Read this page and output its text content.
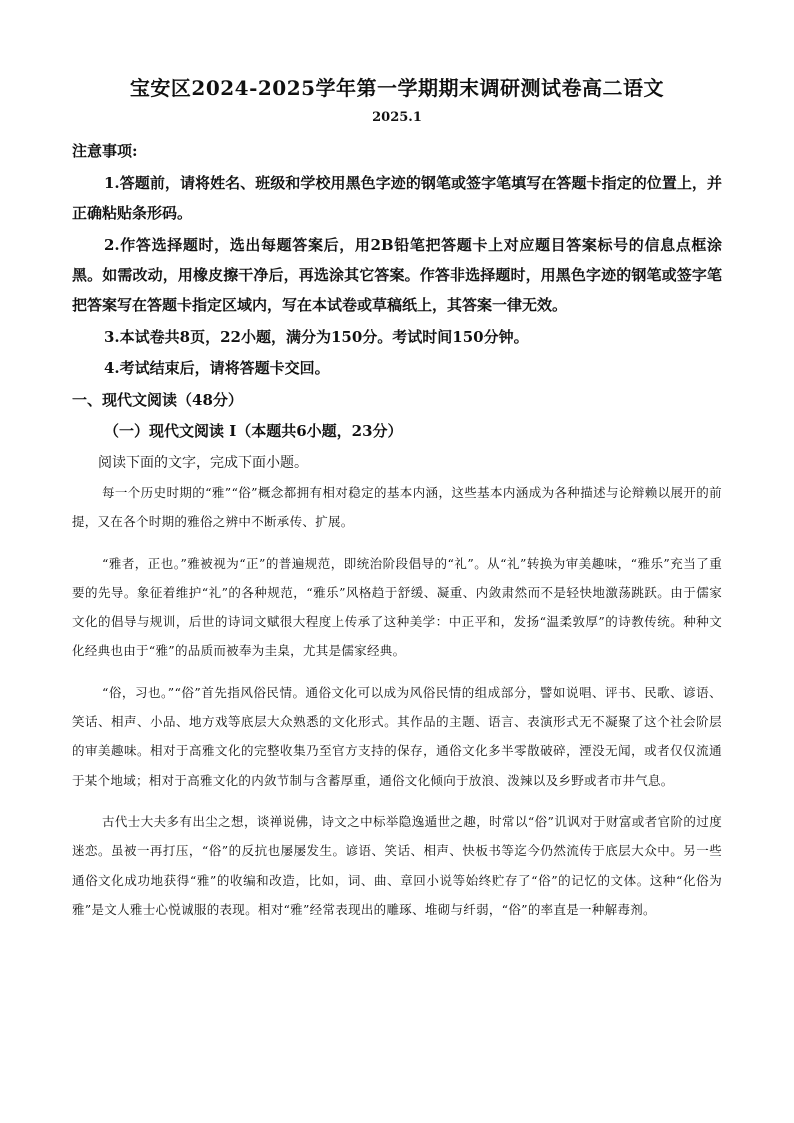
宝安区2024-2025学年第一学期期末调研测试卷高二语文
2025.1
注意事项:
1.答题前，请将姓名、班级和学校用黑色字迹的钢笔或签字笔填写在答题卡指定的位置上，并正确粘贴条形码。
2.作答选择题时，选出每题答案后，用2B铅笔把答题卡上对应题目答案标号的信息点框涂黑。如需改动，用橡皮擦干净后，再选涂其它答案。作答非选择题时，用黑色字迹的钢笔或签字笔把答案写在答题卡指定区域内，写在本试卷或草稿纸上，其答案一律无效。
3.本试卷共8页，22小题，满分为150分。考试时间150分钟。
4.考试结束后，请将答题卡交回。
一、现代文阅读（48分）
（一）现代文阅读 I（本题共6小题，23分）
阅读下面的文字，完成下面小题。

每一个历史时期的“雅”“俗”概念都拥有相对稳定的基本内涵，这些基本内涵成为各种描述与论辩赖以展开的前提，又在各个时期的雅俗之辨中不断承传、扩展。

“雅者，正也。”雅被视为“正”的普遍规范，即统治阶段倡导的“礼”。从“礼”转换为审美趣味，“雅乐”充当了重要的先导。象征着维护“礼”的各种规范，“雅乐”风格趋于舒缓、凝重、内敛肃然而不是轻快地激荡跳跃。由于儒家文化的倡导与规训，后世的诗词文赋很大程度上传承了这种美学：中正平和，发扬“温柔敦厚”的诗教传统。种种文化经典也由于“雅”的品质而被奉为圭臬，尤其是儒家经典。

“俗，习也。”“俗”首先指风俗民情。通俗文化可以成为风俗民情的组成部分，譬如说唱、评书、民歌、谚语、笑话、相声、小品、地方戏等底层大众熟悉的文化形式。其作品的主题、语言、表演形式无不凝聚了这个社会阶层的审美趣味。相对于高雅文化的完整收集乃至官方支持的保存，通俗文化多半零散破碎，湮没无闻，或者仅仅流通于某个地域；相对于高雅文化的内敛节制与含蓄厚重，通俗文化倾向于放浪、泼辣以及乡野或者市井气息。

古代士大夫多有出尘之想，谈禅说佛，诗文之中标举隐逸遁世之趣，时常以“俗”讥讽对于财富或者官阶的过度迷恋。虽被一再打压，“俗”的反抗也屡屡发生。谚语、笑话、相声、快板书等迄今仍然流传于底层大众中。另一些通俗文化成功地获得“雅”的收编和改造，比如，词、曲、章回小说等始终贮存了“俗”的记忆的文体。这种“化俗为雅”是文人雅士心悦诚服的表现。相对“雅”经常表现出的雕琢、堆砌与纤弱，“俗”的率直是一种解毒剂。
